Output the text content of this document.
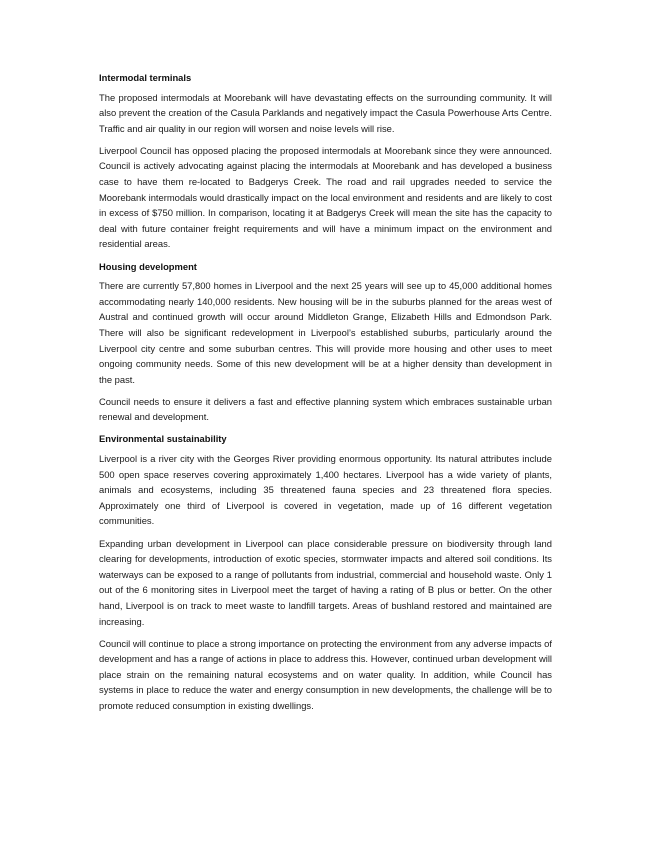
Intermodal terminals

The proposed intermodals at Moorebank will have devastating effects on the surrounding community. It will also prevent the creation of the Casula Parklands and negatively impact the Casula Powerhouse Arts Centre. Traffic and air quality in our region will worsen and noise levels will rise.

Liverpool Council has opposed placing the proposed intermodals at Moorebank since they were announced. Council is actively advocating against placing the intermodals at Moorebank and has developed a business case to have them re-located to Badgerys Creek. The road and rail upgrades needed to service the Moorebank intermodals would drastically impact on the local environment and residents and are likely to cost in excess of $750 million. In comparison, locating it at Badgerys Creek will mean the site has the capacity to deal with future container freight requirements and will have a minimum impact on the environment and residential areas.

Housing development

There are currently 57,800 homes in Liverpool and the next 25 years will see up to 45,000 additional homes accommodating nearly 140,000 residents. New housing will be in the suburbs planned for the areas west of Austral and continued growth will occur around Middleton Grange, Elizabeth Hills and Edmondson Park. There will also be significant redevelopment in Liverpool’s established suburbs, particularly around the Liverpool city centre and some suburban centres. This will provide more housing and other uses to meet ongoing community needs. Some of this new development will be at a higher density than development in the past.

Council needs to ensure it delivers a fast and effective planning system which embraces sustainable urban renewal and development.

Environmental sustainability

Liverpool is a river city with the Georges River providing enormous opportunity. Its natural attributes include 500 open space reserves covering approximately 1,400 hectares. Liverpool has a wide variety of plants, animals and ecosystems, including 35 threatened fauna species and 23 threatened flora species. Approximately one third of Liverpool is covered in vegetation, made up of 16 different vegetation communities.

Expanding urban development in Liverpool can place considerable pressure on biodiversity through land clearing for developments, introduction of exotic species, stormwater impacts and altered soil conditions. Its waterways can be exposed to a range of pollutants from industrial, commercial and household waste. Only 1 out of the 6 monitoring sites in Liverpool meet the target of having a rating of B plus or better. On the other hand, Liverpool is on track to meet waste to landfill targets. Areas of bushland restored and maintained are increasing.

Council will continue to place a strong importance on protecting the environment from any adverse impacts of development and has a range of actions in place to address this. However, continued urban development will place strain on the remaining natural ecosystems and on water quality. In addition, while Council has systems in place to reduce the water and energy consumption in new developments, the challenge will be to promote reduced consumption in existing dwellings.
